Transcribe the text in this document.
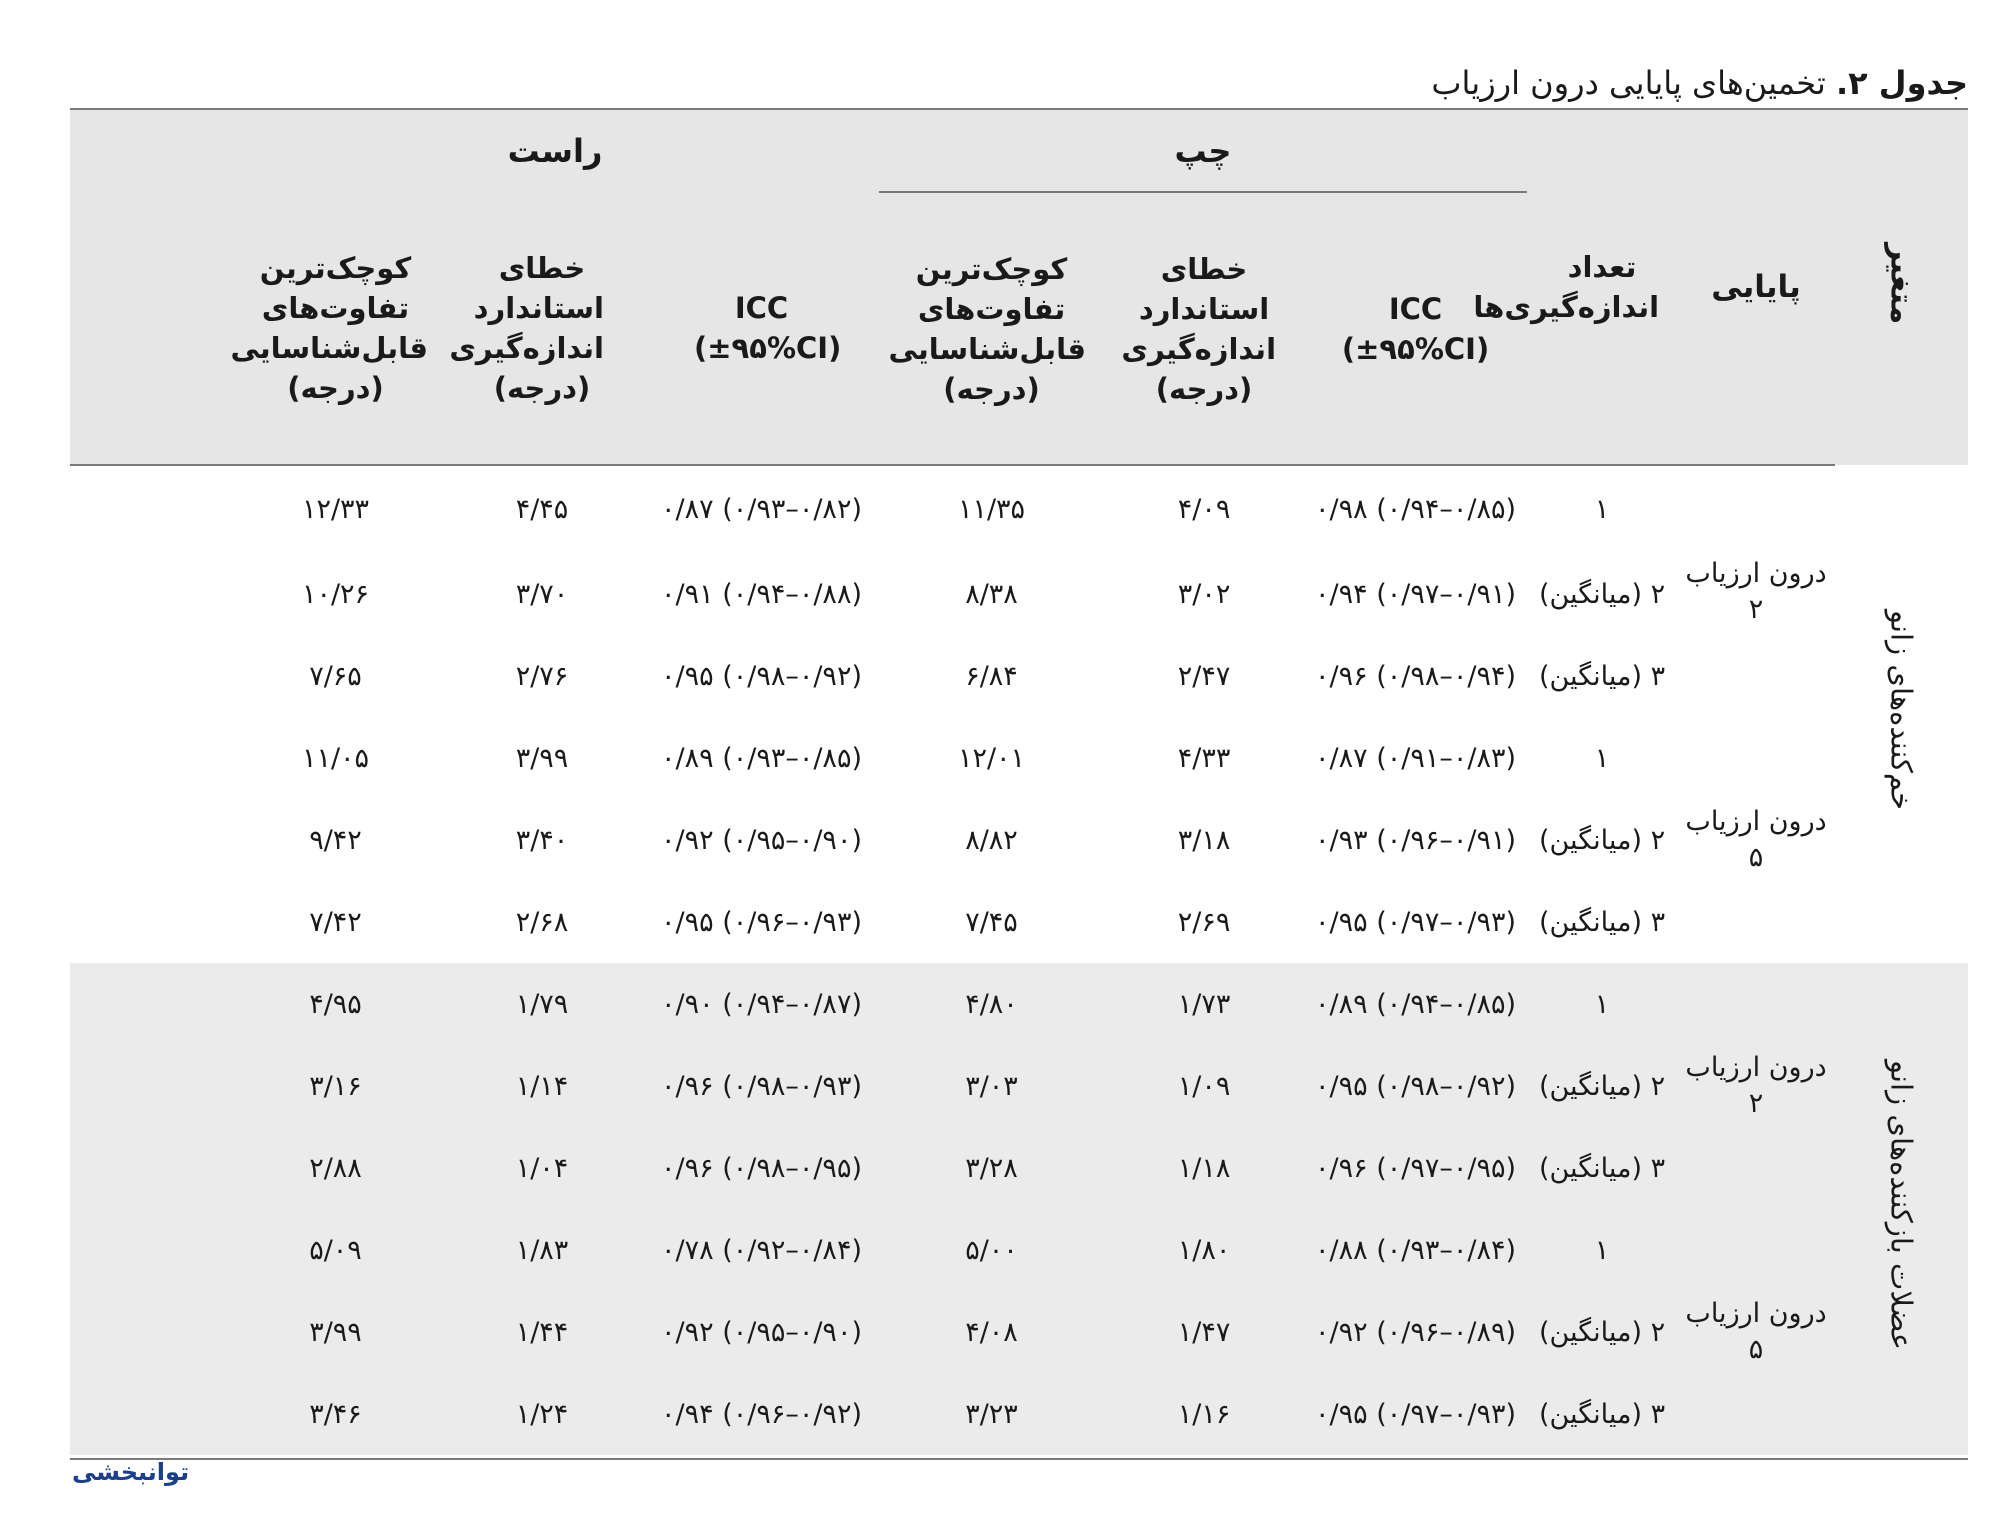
جدول ۲. تخمین‌های پایایی درون ارزیاب
متغیر	پایایی	تعداد اندازه‌گیری‌ها	چپ			راست			
			ICC (±۹۵%CI)	خطای استاندارد اندازه‌گیری (درجه)	کوچک‌ترین تفاوت‌های قابل‌شناسایی (درجه)	ICC (±۹۵%CI)	خطای استاندارد اندازه‌گیری (درجه)	کوچک‌ترین تفاوت‌های قابل‌شناسایی (درجه)	
خم‌کننده‌های زانو	درون ارزیاب ۲	۱	۰/۹۸ (۰/۹۴–۰/۸۵)	۴/۰۹	۱۱/۳۵	۰/۸۷ (۰/۹۳–۰/۸۲)	۴/۴۵	۱۲/۳۳	
		۲ (میانگین)	۰/۹۴ (۰/۹۷–۰/۹۱)	۳/۰۲	۸/۳۸	۰/۹۱ (۰/۹۴–۰/۸۸)	۳/۷۰	۱۰/۲۶	
		۳ (میانگین)	۰/۹۶ (۰/۹۸–۰/۹۴)	۲/۴۷	۶/۸۴	۰/۹۵ (۰/۹۸–۰/۹۲)	۲/۷۶	۷/۶۵	
	درون ارزیاب ۵	۱	۰/۸۷ (۰/۹۱–۰/۸۳)	۴/۳۳	۱۲/۰۱	۰/۸۹ (۰/۹۳–۰/۸۵)	۳/۹۹	۱۱/۰۵	
		۲ (میانگین)	۰/۹۳ (۰/۹۶–۰/۹۱)	۳/۱۸	۸/۸۲	۰/۹۲ (۰/۹۵–۰/۹۰)	۳/۴۰	۹/۴۲	
		۳ (میانگین)	۰/۹۵ (۰/۹۷–۰/۹۳)	۲/۶۹	۷/۴۵	۰/۹۵ (۰/۹۶–۰/۹۳)	۲/۶۸	۷/۴۲	
عضلات بازکننده‌های زانو	درون ارزیاب ۲	۱	۰/۸۹ (۰/۹۴–۰/۸۵)	۱/۷۳	۴/۸۰	۰/۹۰ (۰/۹۴–۰/۸۷)	۱/۷۹	۴/۹۵	
		۲ (میانگین)	۰/۹۵ (۰/۹۸–۰/۹۲)	۱/۰۹	۳/۰۳	۰/۹۶ (۰/۹۸–۰/۹۳)	۱/۱۴	۳/۱۶	
		۳ (میانگین)	۰/۹۶ (۰/۹۷–۰/۹۵)	۱/۱۸	۳/۲۸	۰/۹۶ (۰/۹۸–۰/۹۵)	۱/۰۴	۲/۸۸	
	درون ارزیاب ۵	۱	۰/۸۸ (۰/۹۳–۰/۸۴)	۱/۸۰	۵/۰۰	۰/۷۸ (۰/۹۲–۰/۸۴)	۱/۸۳	۵/۰۹	
		۲ (میانگین)	۰/۹۲ (۰/۹۶–۰/۸۹)	۱/۴۷	۴/۰۸	۰/۹۲ (۰/۹۵–۰/۹۰)	۱/۴۴	۳/۹۹	
		۳ (میانگین)	۰/۹۵ (۰/۹۷–۰/۹۳)	۱/۱۶	۳/۲۳	۰/۹۴ (۰/۹۶–۰/۹۲)	۱/۲۴	۳/۴۶	
توانبخشی
